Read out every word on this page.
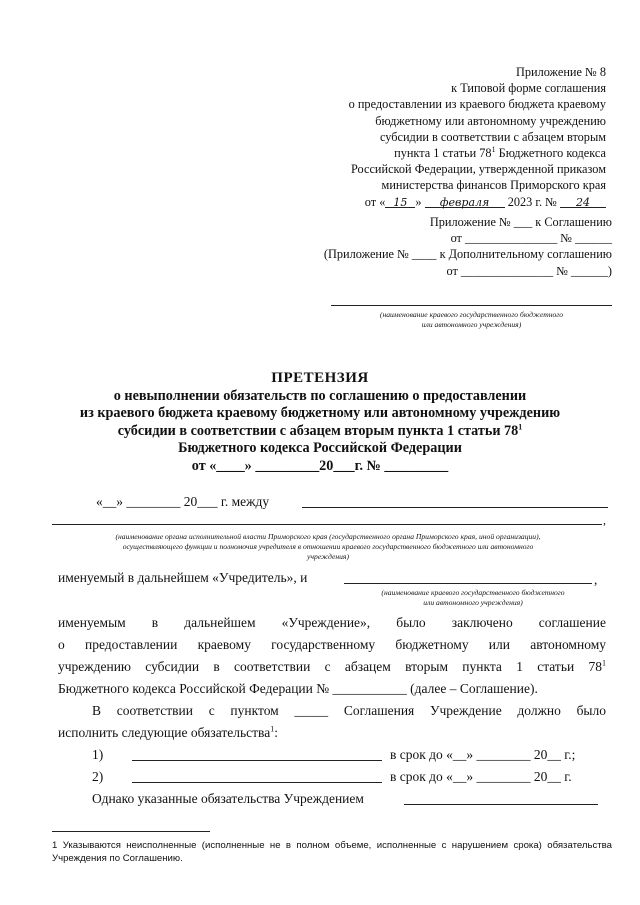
Приложение № 8
к Типовой форме соглашения
о предоставлении из краевого бюджета краевому
бюджетному или автономному учреждению
субсидии в соответствии с абзацем вторым
пункта 1 статьи $78^1$ Бюджетного кодекса
Российской Федерации, утвержденной приказом
министерства финансов Приморского края
от « 15 » февраля 2023 г. № 24
Приложение № ___ к Соглашению
от _______________ № ______
(Приложение № ____ к Дополнительному соглашению
от _______________ № ______)
(наименование краевого государственного бюджетного
или автономного учреждения)
ПРЕТЕНЗИЯ
о невыполнении обязательств по соглашению о предоставлении
из краевого бюджета краевому бюджетному или автономному учреждению
субсидии в соответствии с абзацем вторым пункта 1 статьи $78^1$
Бюджетного кодекса Российской Федерации
от «____» _________20___г. № _________
«__» ________ 20___ г. между
,
(наименование органа исполнительной власти Приморского края (государственного органа Приморского края, иной организации),
осуществляющего функции и полномочия учредителя в отношении краевого государственного бюджетного или автономного
учреждения)
именуемый в дальнейшем «Учредитель», и	,
(наименование краевого государственного бюджетного
или автономного учреждения)
именуемым в дальнейшем «Учреждение», было заключено соглашение
о предоставлении краевому государственному бюджетному или автономному
учреждению субсидии в соответствии с абзацем вторым пункта 1 статьи $78^1$
Бюджетного кодекса Российской Федерации № ___________ (далее – Соглашение).
В соответствии с пунктом _____ Соглашения Учреждение должно было
исполнить следующие обязательства$^1$:
1)	в срок до «__» ________ 20__ г.;
2)	в срок до «__» ________ 20__ г.
Однако указанные обязательства Учреждением
1 Указываются неисполненные (исполненные не в полном объеме, исполненные с нарушением срока) обязательства Учреждения по Соглашению.
